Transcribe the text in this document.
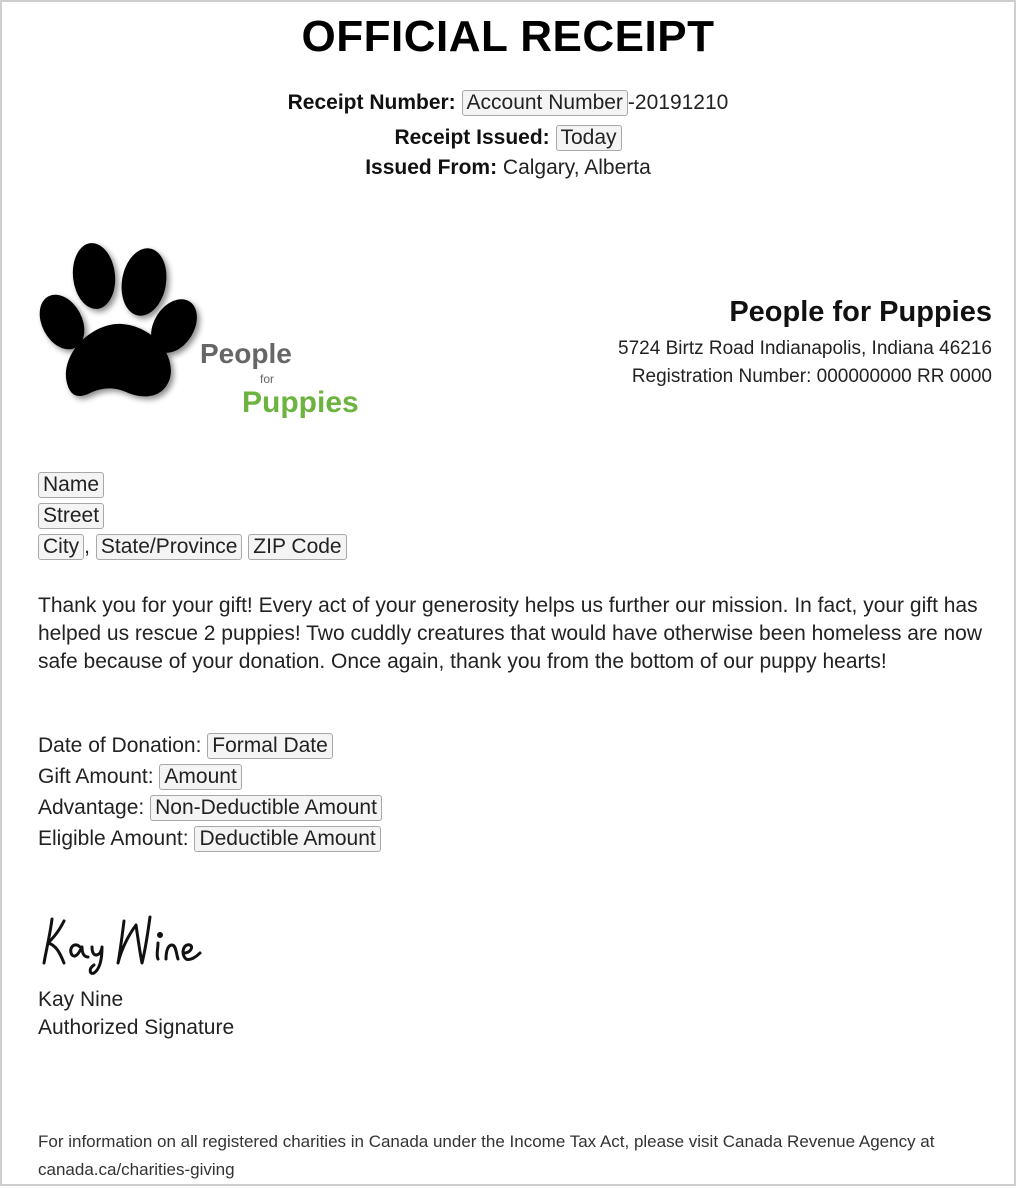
OFFICIAL RECEIPT
Receipt Number: Account Number -20191210
Receipt Issued: Today
Issued From: Calgary, Alberta
People
for
Puppies
People for Puppies
5724 Birtz Road Indianapolis, Indiana 46216
Registration Number: 000000000 RR 0000
Name
Street
City , State/Province ZIP Code
Thank you for your gift! Every act of your generosity helps us further our mission. In fact, your gift has helped us rescue 2 puppies! Two cuddly creatures that would have otherwise been homeless are now safe because of your donation. Once again, thank you from the bottom of our puppy hearts!
Date of Donation: Formal Date
Gift Amount: Amount
Advantage: Non-Deductible Amount
Eligible Amount: Deductible Amount
Kay Nine
Authorized Signature
For information on all registered charities in Canada under the Income Tax Act, please visit Canada Revenue Agency at canada.ca/charities-giving
